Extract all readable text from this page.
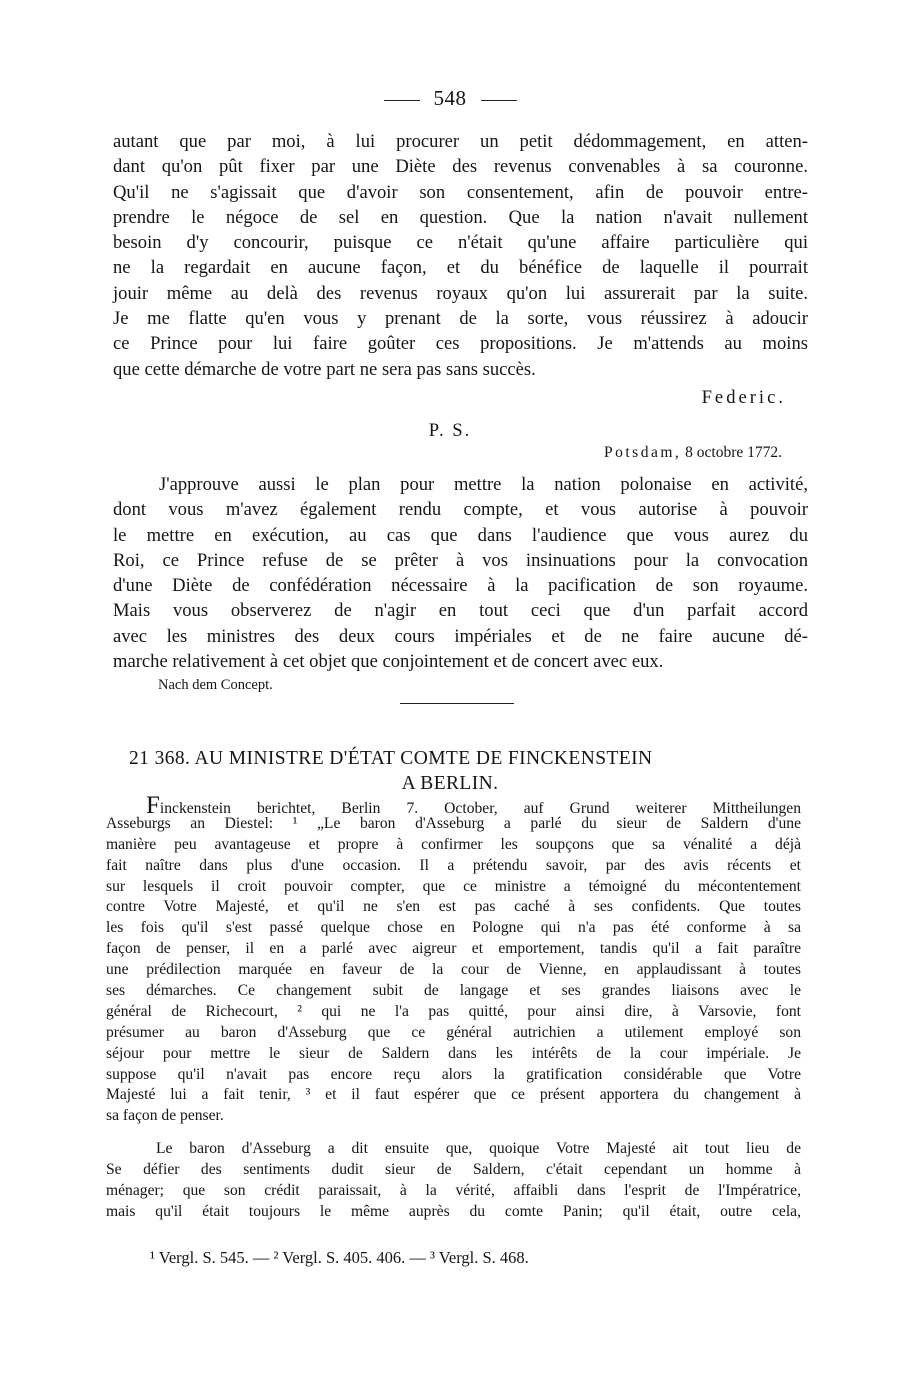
548
autant que par moi, à lui procurer un petit dédommagement, en atten-
dant qu'on pût fixer par une Diète des revenus convenables à sa couronne.
Qu'il ne s'agissait que d'avoir son consentement, afin de pouvoir entre-
prendre le négoce de sel en question. Que la nation n'avait nullement
besoin d'y concourir, puisque ce n'était qu'une affaire particulière qui
ne la regardait en aucune façon, et du bénéfice de laquelle il pourrait
jouir même au delà des revenus royaux qu'on lui assurerait par la suite.
Je me flatte qu'en vous y prenant de la sorte, vous réussirez à adoucir
ce Prince pour lui faire goûter ces propositions. Je m'attends au moins
que cette démarche de votre part ne sera pas sans succès.
Federic.
P. S.
Potsdam, 8 octobre 1772.
J'approuve aussi le plan pour mettre la nation polonaise en activité,
dont vous m'avez également rendu compte, et vous autorise à pouvoir
le mettre en exécution, au cas que dans l'audience que vous aurez du
Roi, ce Prince refuse de se prêter à vos insinuations pour la convocation
d'une Diète de confédération nécessaire à la pacification de son royaume.
Mais vous observerez de n'agir en tout ceci que d'un parfait accord
avec les ministres des deux cours impériales et de ne faire aucune dé-
marche relativement à cet objet que conjointement et de concert avec eux.
Nach dem Concept.
21 368. AU MINISTRE D'ÉTAT COMTE DE FINCKENSTEIN
A BERLIN.
Finckenstein berichtet, Berlin 7. October, auf Grund weiterer Mittheilungen
Asseburgs an Diestel: ¹ „Le baron d'Asseburg a parlé du sieur de Saldern d'une
manière peu avantageuse et propre à confirmer les soupçons que sa vénalité a déjà
fait naître dans plus d'une occasion. Il a prétendu savoir, par des avis récents et
sur lesquels il croit pouvoir compter, que ce ministre a témoigné du mécontentement
contre Votre Majesté, et qu'il ne s'en est pas caché à ses confidents. Que toutes
les fois qu'il s'est passé quelque chose en Pologne qui n'a pas été conforme à sa
façon de penser, il en a parlé avec aigreur et emportement, tandis qu'il a fait paraître
une prédilection marquée en faveur de la cour de Vienne, en applaudissant à toutes
ses démarches. Ce changement subit de langage et ses grandes liaisons avec le
général de Richecourt, ² qui ne l'a pas quitté, pour ainsi dire, à Varsovie, font
présumer au baron d'Asseburg que ce général autrichien a utilement employé son
séjour pour mettre le sieur de Saldern dans les intérêts de la cour impériale. Je
suppose qu'il n'avait pas encore reçu alors la gratification considérable que Votre
Majesté lui a fait tenir, ³ et il faut espérer que ce présent apportera du changement à
sa façon de penser.
Le baron d'Asseburg a dit ensuite que, quoique Votre Majesté ait tout lieu de
Se défier des sentiments dudit sieur de Saldern, c'était cependant un homme à
ménager; que son crédit paraissait, à la vérité, affaibli dans l'esprit de l'Impératrice,
mais qu'il était toujours le même auprès du comte Panin; qu'il était, outre cela,
¹ Vergl. S. 545. — ² Vergl. S. 405. 406. — ³ Vergl. S. 468.
